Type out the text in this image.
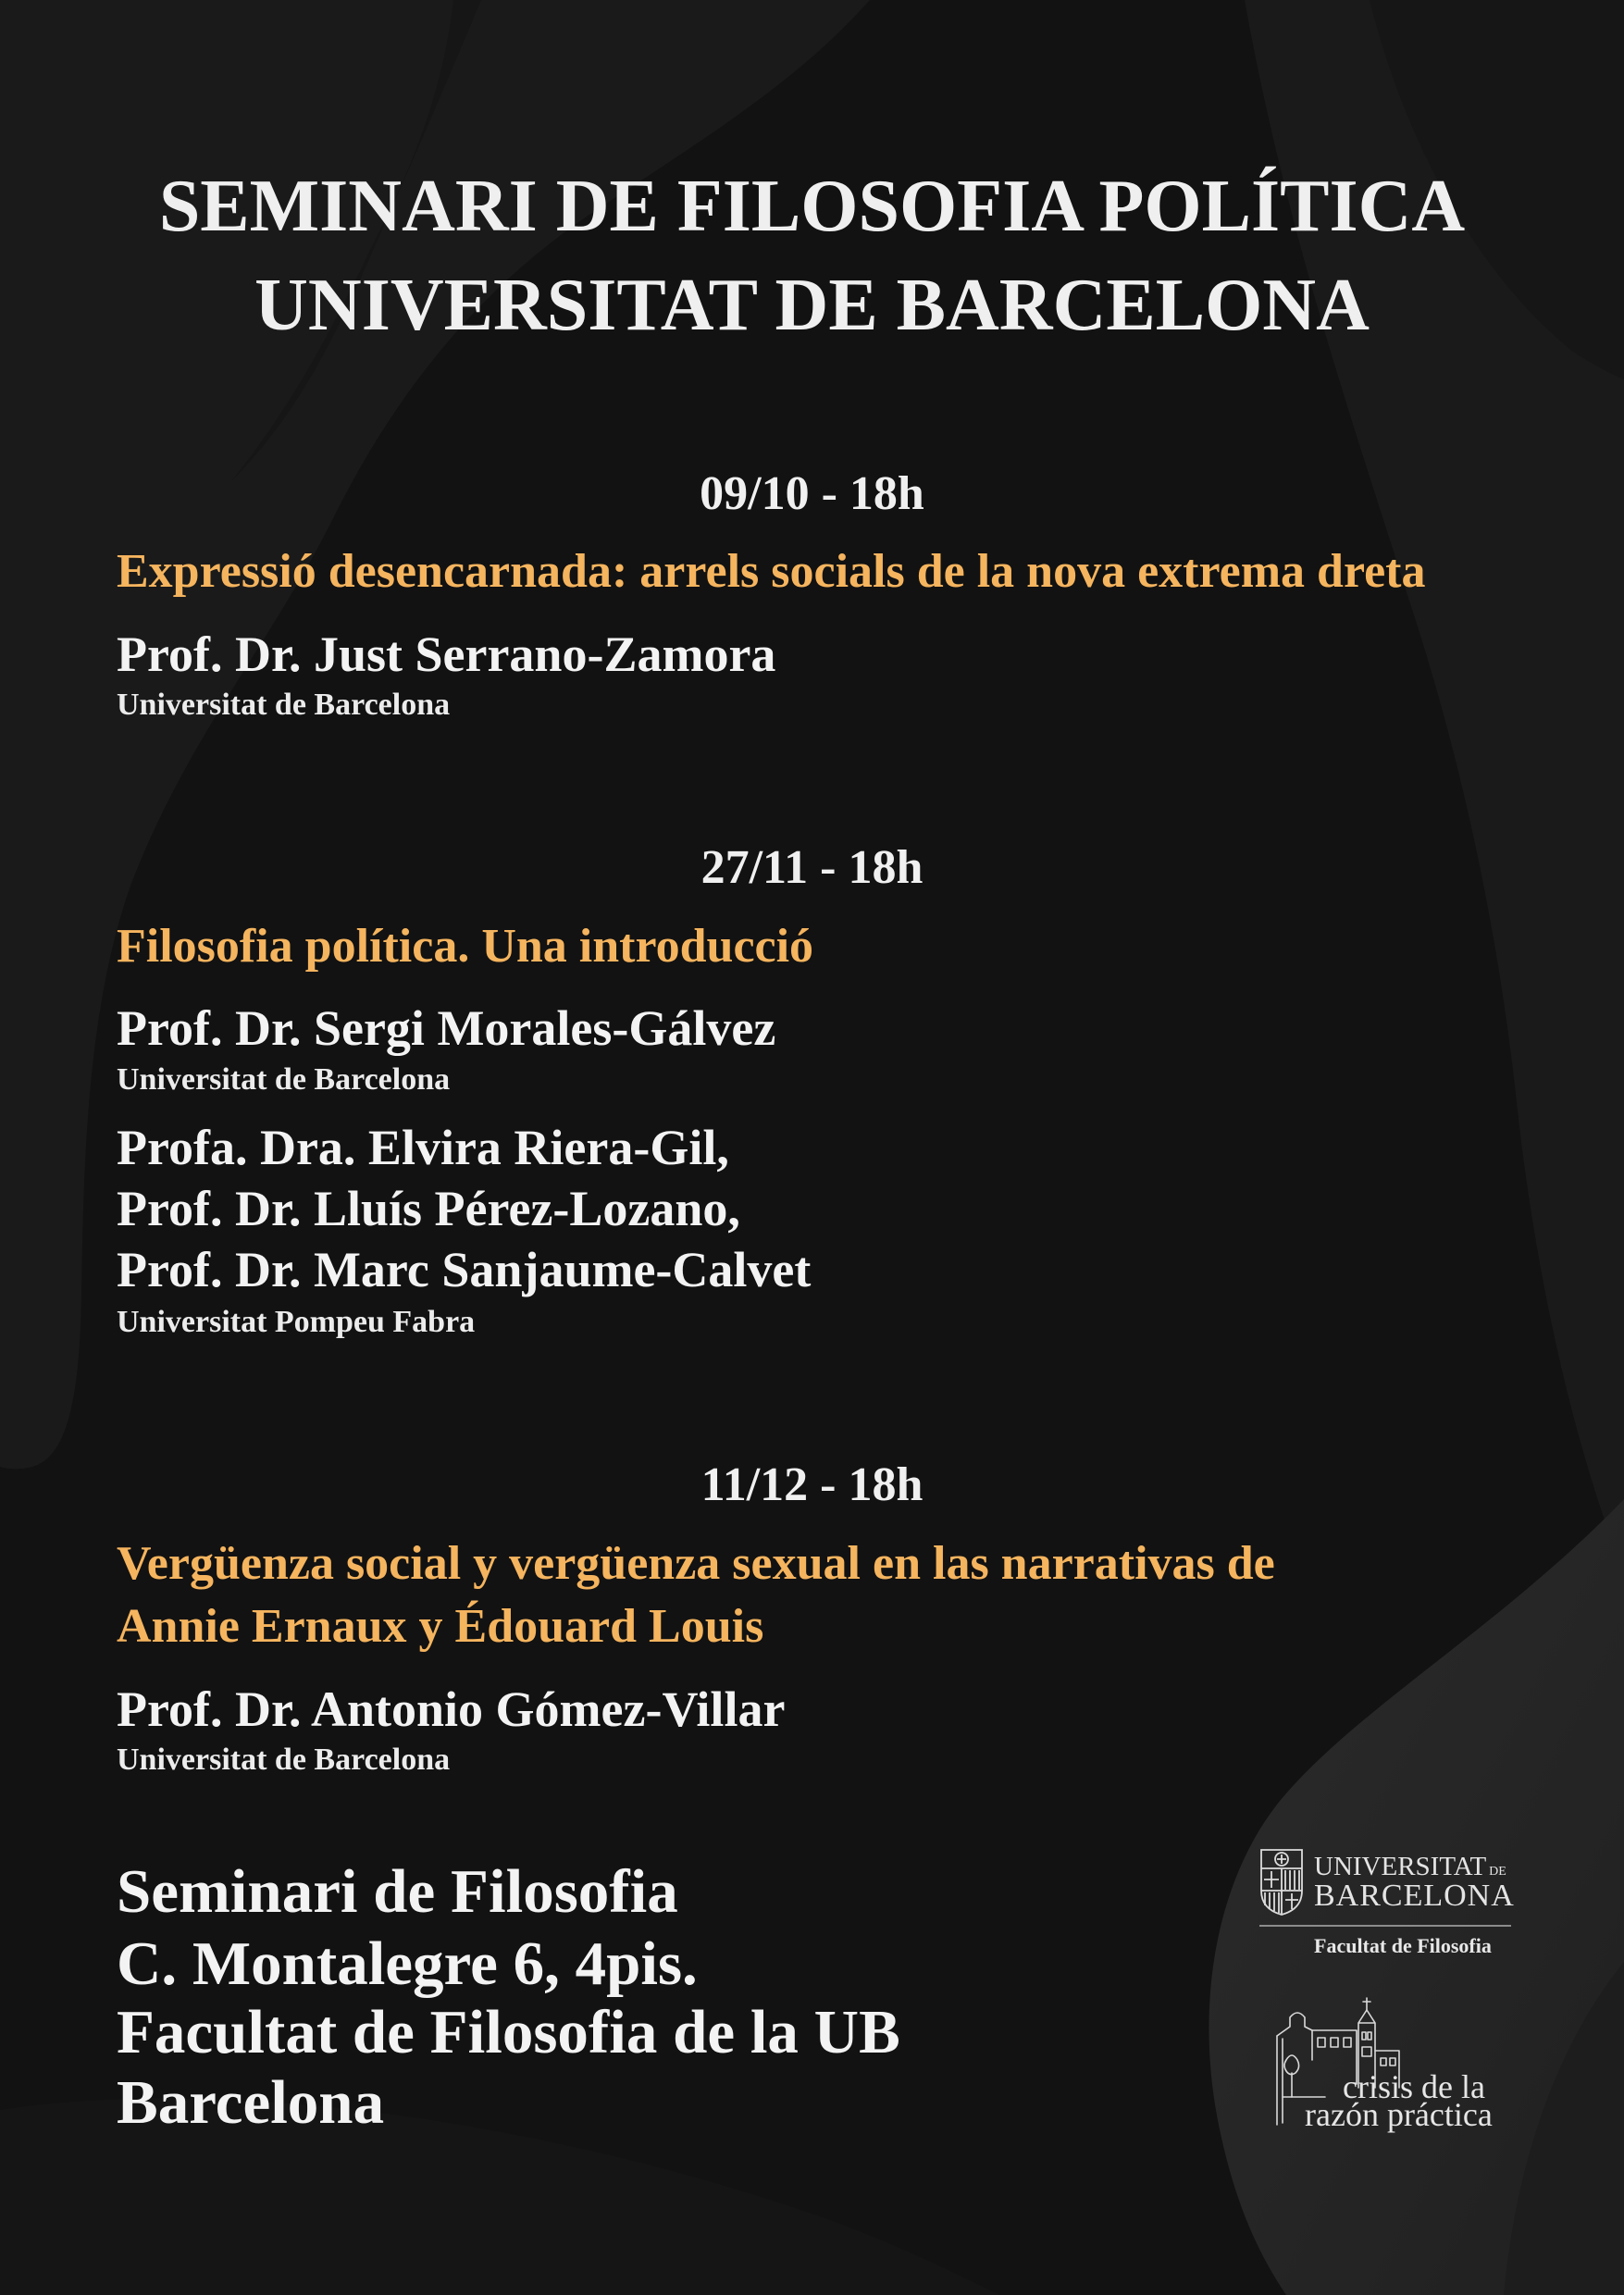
SEMINARI DE FILOSOFIA POLÍTICA
UNIVERSITAT DE BARCELONA
09/10 - 18h
Expressió desencarnada: arrels socials de la nova extrema dreta
Prof. Dr. Just Serrano-Zamora
Universitat de Barcelona
27/11 - 18h
Filosofia política. Una introducció
Prof. Dr. Sergi Morales-Gálvez
Universitat de Barcelona
Profa. Dra. Elvira Riera-Gil,
Prof. Dr. Lluís Pérez-Lozano,
Prof. Dr. Marc Sanjaume-Calvet
Universitat Pompeu Fabra
11/12 - 18h
Vergüenza social y vergüenza sexual en las narrativas de
Annie Ernaux y Édouard Louis
Prof. Dr. Antonio Gómez-Villar
Universitat de Barcelona
Seminari de Filosofia
C. Montalegre 6, 4pis.
Facultat de Filosofia de la UB
Barcelona
UNIVERSITAT DE
BARCELONA
Facultat de Filosofia
crisis de la
razón práctica
